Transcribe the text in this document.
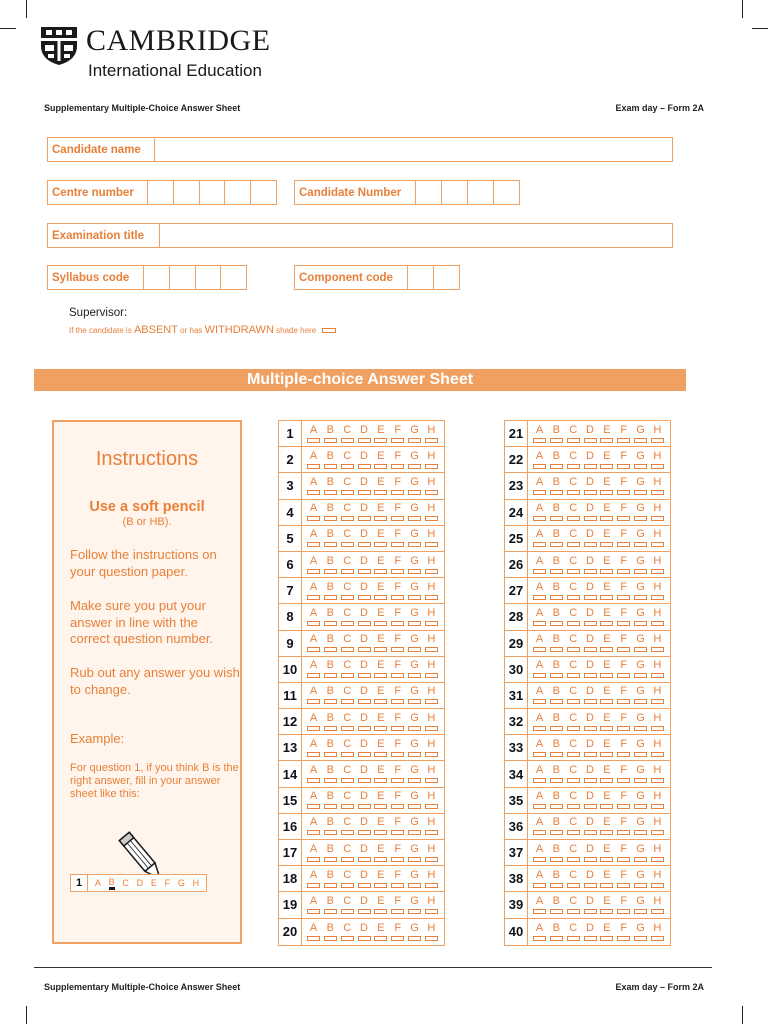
CAMBRIDGE
International Education
Supplementary Multiple-Choice Answer Sheet	Exam day – Form 2A
Candidate name
Centre number	Candidate Number
Examination title
Syllabus code	Component code
Supervisor:
If the candidate is ABSENT or has WITHDRAWN shade here
Multiple-choice Answer Sheet
Instructions
Use a soft pencil
(B or HB).
Follow the instructions on your question paper.
Make sure you put your answer in line with the correct question number.
Rub out any answer you wish to change.
Example:
For question 1, if you think B is the right answer, fill in your answer sheet like this:
1	A B C D E F G H
1	A B C D E F G H
2	A B C D E F G H
3	A B C D E F G H
4	A B C D E F G H
5	A B C D E F G H
6	A B C D E F G H
7	A B C D E F G H
8	A B C D E F G H
9	A B C D E F G H
10	A B C D E F G H
11	A B C D E F G H
12	A B C D E F G H
13	A B C D E F G H
14	A B C D E F G H
15	A B C D E F G H
16	A B C D E F G H
17	A B C D E F G H
18	A B C D E F G H
19	A B C D E F G H
20	A B C D E F G H
21	A B C D E F G H
22	A B C D E F G H
23	A B C D E F G H
24	A B C D E F G H
25	A B C D E F G H
26	A B C D E F G H
27	A B C D E F G H
28	A B C D E F G H
29	A B C D E F G H
30	A B C D E F G H
31	A B C D E F G H
32	A B C D E F G H
33	A B C D E F G H
34	A B C D E F G H
35	A B C D E F G H
36	A B C D E F G H
37	A B C D E F G H
38	A B C D E F G H
39	A B C D E F G H
40	A B C D E F G H
Supplementary Multiple-Choice Answer Sheet	Exam day – Form 2A
